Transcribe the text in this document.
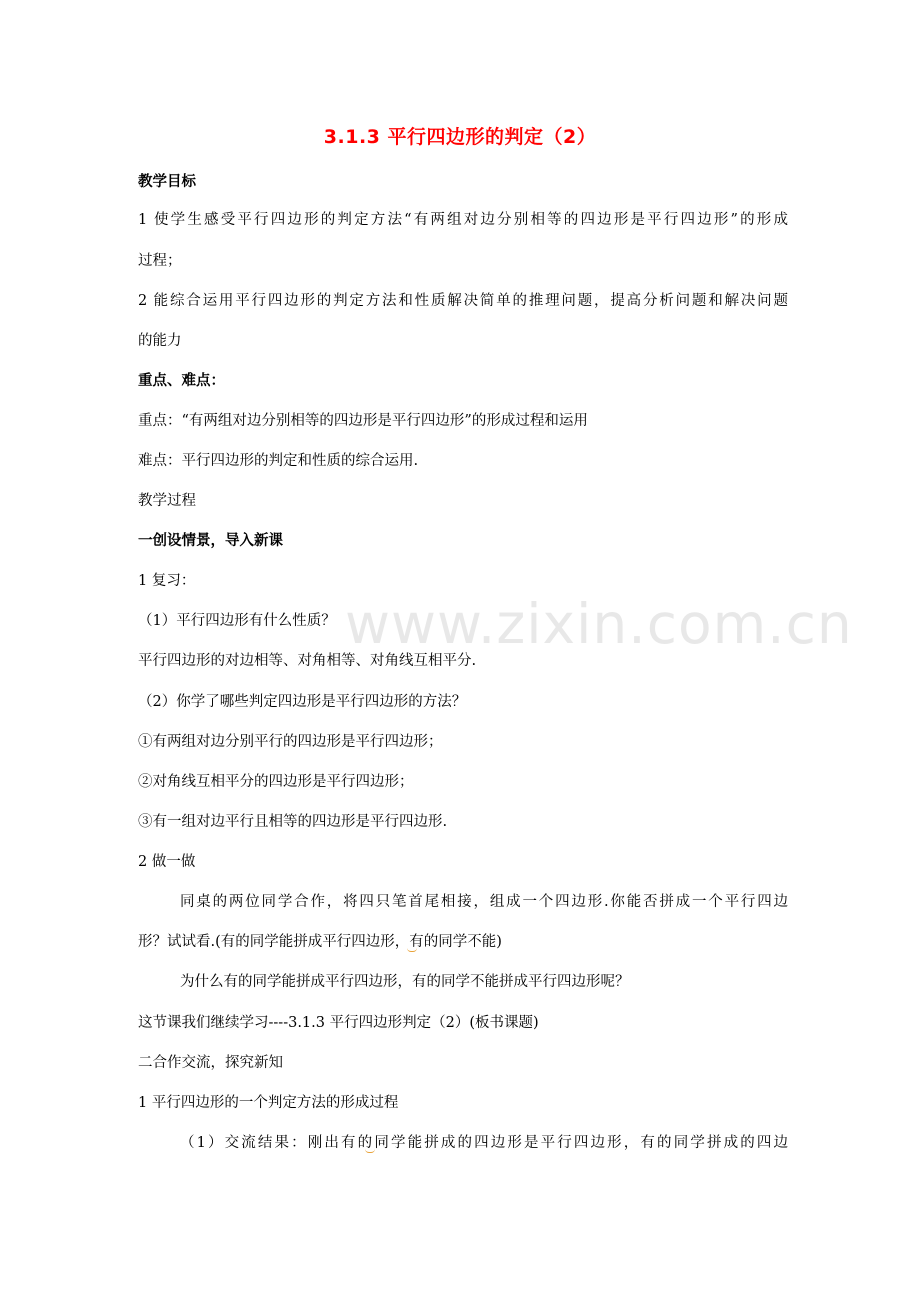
www.zixin.com.cn
3.1.3 平行四边形的判定（2）
教学目标
1 使学生感受平行四边形的判定方法“有两组对边分别相等的四边形是平行四边形”的形成
过程；
2 能综合运用平行四边形的判定方法和性质解决简单的推理问题，提高分析问题和解决问题
的能力
重点、难点：
重点：“有两组对边分别相等的四边形是平行四边形”的形成过程和运用
难点：平行四边形的判定和性质的综合运用.
教学过程
一创设情景，导入新课
1 复习：
（1）平行四边形有什么性质？
平行四边形的对边相等、对角相等、对角线互相平分.
（2）你学了哪些判定四边形是平行四边形的方法？
①有两组对边分别平行的四边形是平行四边形；
②对角线互相平分的四边形是平行四边形；
③有一组对边平行且相等的四边形是平行四边形.
2 做一做
同桌的两位同学合作，将四只笔首尾相接，组成一个四边形.你能否拼成一个平行四边
形？试试看.(有的同学能拼成平行四边形，有的同学不能)
为什么有的同学能拼成平行四边形，有的同学不能拼成平行四边形呢？
这节课我们继续学习----3.1.3 平行四边形判定（2）(板书课题)
二合作交流，探究新知
1 平行四边形的一个判定方法的形成过程
（1）交流结果：刚出有的同学能拼成的四边形是平行四边形，有的同学拼成的四边
